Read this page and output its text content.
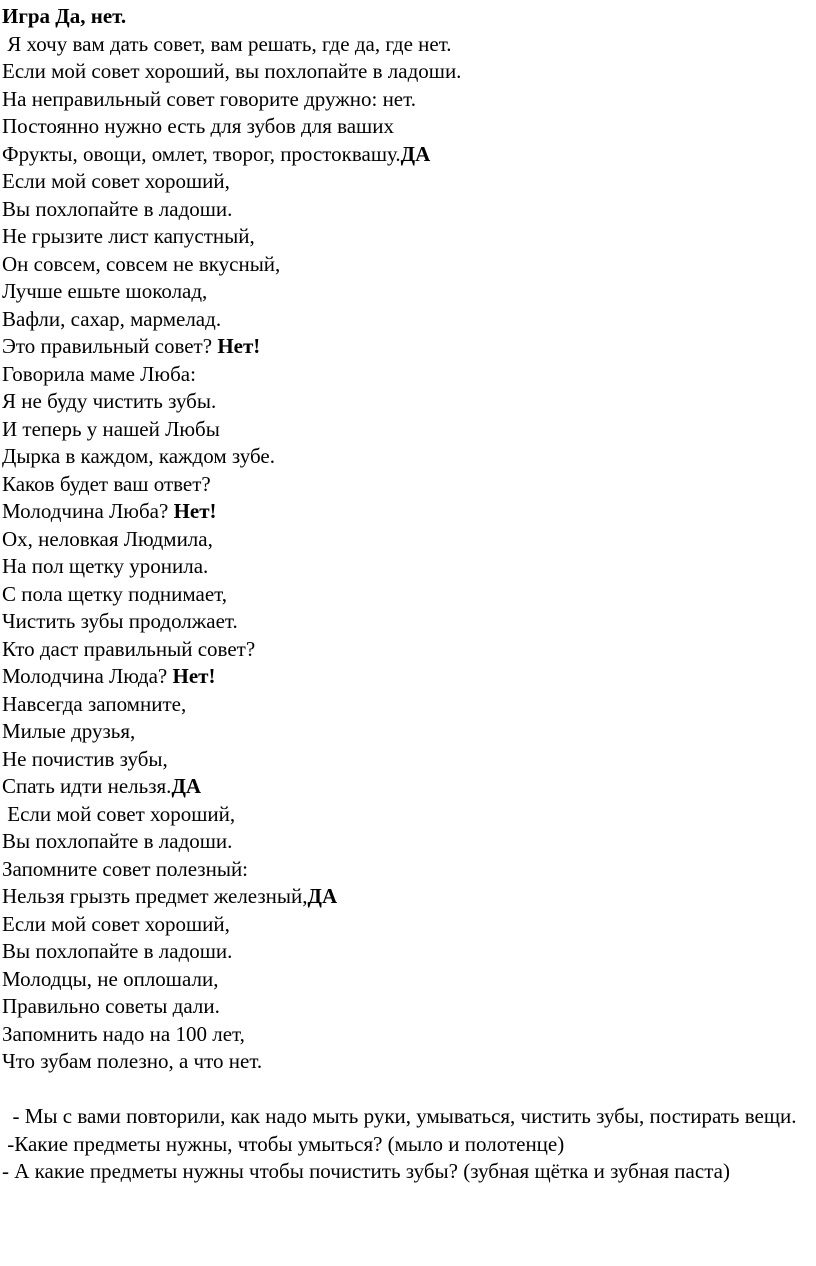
Игра Да, нет.
Я хочу вам дать совет, вам решать, где да, где нет.
Если мой совет хороший, вы похлопайте в ладоши.
На неправильный совет говорите дружно: нет.
Постоянно нужно есть для зубов для ваших
Фрукты, овощи, омлет, творог, простоквашу.ДА
Если мой совет хороший,
Вы похлопайте в ладоши.
Не грызите лист капустный,
Он совсем, совсем не вкусный,
Лучше ешьте шоколад,
Вафли, сахар, мармелад.
Это правильный совет? Нет!
Говорила маме Люба:
Я не буду чистить зубы.
И теперь у нашей Любы
Дырка в каждом, каждом зубе.
Каков будет ваш ответ?
Молодчина Люба? Нет!
Ох, неловкая Людмила,
На пол щетку уронила.
С пола щетку поднимает,
Чистить зубы продолжает.
Кто даст правильный совет?
Молодчина Люда? Нет!
Навсегда запомните,
Милые друзья,
Не почистив зубы,
Спать идти нельзя.ДА
Если мой совет хороший,
Вы похлопайте в ладоши.
Запомните совет полезный:
Нельзя грызть предмет железный,ДА
Если мой совет хороший,
Вы похлопайте в ладоши.
Молодцы, не оплошали,
Правильно советы дали.
Запомнить надо на 100 лет,
Что зубам полезно, а что нет.
- Мы с вами повторили, как надо мыть руки, умываться, чистить зубы, постирать вещи.
-Какие предметы нужны, чтобы умыться? (мыло и полотенце)
- А какие предметы нужны чтобы почистить зубы? (зубная щётка и зубная паста)
